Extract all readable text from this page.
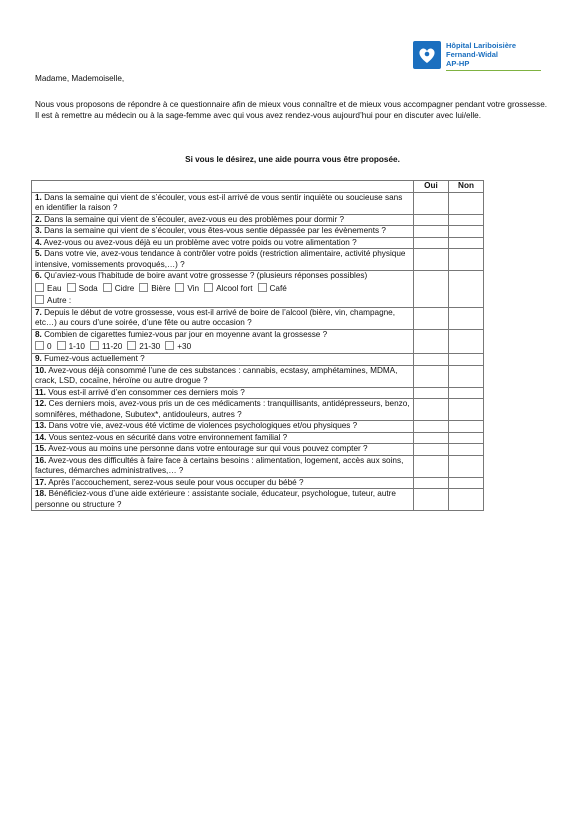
Hôpital Lariboisière
Fernand-Widal
AP-HP

Madame, Mademoiselle,

Nous vous proposons de répondre à ce questionnaire afin de mieux vous connaître et de mieux vous accompagner pendant votre grossesse. Il est à remettre au médecin ou à la sage-femme avec qui vous avez rendez-vous aujourd’hui pour en discuter avec lui/elle.

Si vous le désirez, une aide pourra vous être proposée.

	Oui	Non
1. Dans la semaine qui vient de s’écouler, vous est-il arrivé de vous sentir inquiète ou soucieuse sans en identifier la raison ?		
2. Dans la semaine qui vient de s’écouler, avez-vous eu des problèmes pour dormir ?		
3. Dans la semaine qui vient de s’écouler, vous êtes-vous sentie dépassée par les évènements ?		
4. Avez-vous ou avez-vous déjà eu un problème avec votre poids ou votre alimentation ?		
5. Dans votre vie, avez-vous tendance à contrôler votre poids (restriction alimentaire, activité physique intensive, vomissements provoqués,…) ?		
6. Qu’aviez-vous l’habitude de boire avant votre grossesse ? (plusieurs réponses possibles)
Eau Soda Cidre Bière Vin Alcool fort Café
Autre :		

7. Depuis le début de votre grossesse, vous est-il arrivé de boire de l’alcool (bière, vin, champagne, etc…) au cours d’une soirée, d’une fête ou autre occasion ?		
8. Combien de cigarettes fumiez-vous par jour en moyenne avant la grossesse ?
0 1-10 11-20 21-30 +30		

9. Fumez-vous actuellement ?		
10. Avez-vous déjà consommé l’une de ces substances : cannabis, ecstasy, amphétamines, MDMA, crack, LSD, cocaïne, héroïne ou autre drogue ?		
11. Vous est-il arrivé d’en consommer ces derniers mois ?		
12. Ces derniers mois, avez-vous pris un de ces médicaments : tranquillisants, antidépresseurs, benzo, somnifères, méthadone, Subutex*, antidouleurs, autres ?		
13. Dans votre vie, avez-vous été victime de violences psychologiques et/ou physiques ?		
14. Vous sentez-vous en sécurité dans votre environnement familial ?		
15. Avez-vous au moins une personne dans votre entourage sur qui vous pouvez compter ?		
16. Avez-vous des difficultés à faire face à certains besoins : alimentation, logement, accès aux soins, factures, démarches administratives,… ?		
17. Après l’accouchement, serez-vous seule pour vous occuper du bébé ?		
18. Bénéficiez-vous d’une aide extérieure : assistante sociale, éducateur, psychologue, tuteur, autre personne ou structure ?		
